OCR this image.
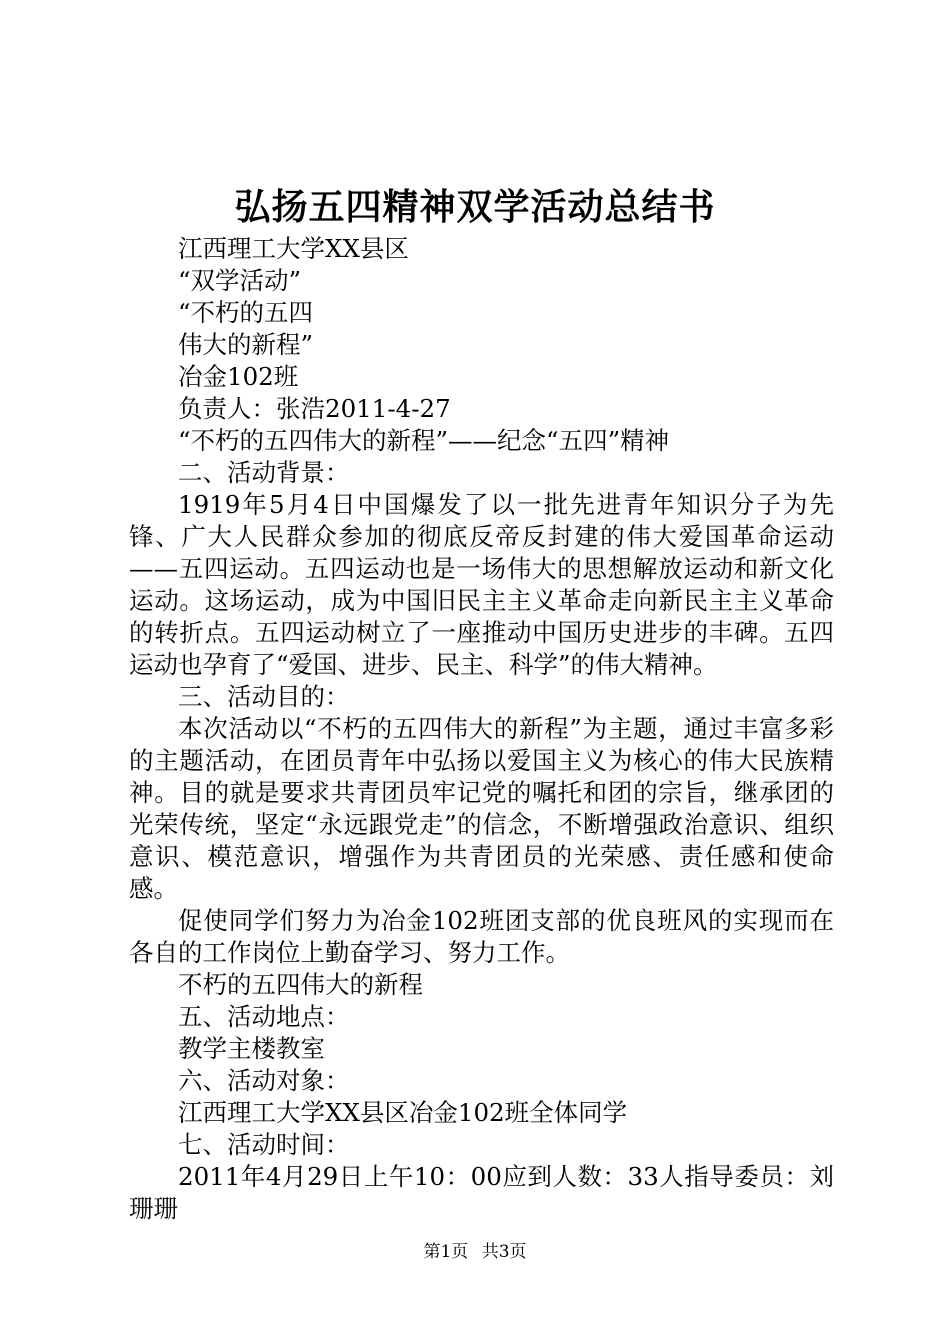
弘扬五四精神双学活动总结书

江西理工大学XX县区

“双学活动”

“不朽的五四

伟大的新程”

冶金102班

负责人：张浩2011-4-27

“不朽的五四伟大的新程”——纪念“五四”精神

二、活动背景：

1919年5月4日中国爆发了以一批先进青年知识分子为先锋、广大人民群众参加的彻底反帝反封建的伟大爱国革命运动——五四运动。五四运动也是一场伟大的思想解放运动和新文化运动。这场运动，成为中国旧民主主义革命走向新民主主义革命的转折点。五四运动树立了一座推动中国历史进步的丰碑。五四运动也孕育了“爱国、进步、民主、科学”的伟大精神。

三、活动目的：

本次活动以“不朽的五四伟大的新程”为主题，通过丰富多彩的主题活动，在团员青年中弘扬以爱国主义为核心的伟大民族精神。目的就是要求共青团员牢记党的嘱托和团的宗旨，继承团的光荣传统，坚定“永远跟党走”的信念，不断增强政治意识、组织意识、模范意识，增强作为共青团员的光荣感、责任感和使命感。

促使同学们努力为冶金102班团支部的优良班风的实现而在各自的工作岗位上勤奋学习、努力工作。

不朽的五四伟大的新程

五、活动地点：

教学主楼教室

六、活动对象：

江西理工大学XX县区冶金102班全体同学

七、活动时间：

2011年4月29日上午10：00应到人数：33人指导委员：刘珊珊

第1页 共3页
